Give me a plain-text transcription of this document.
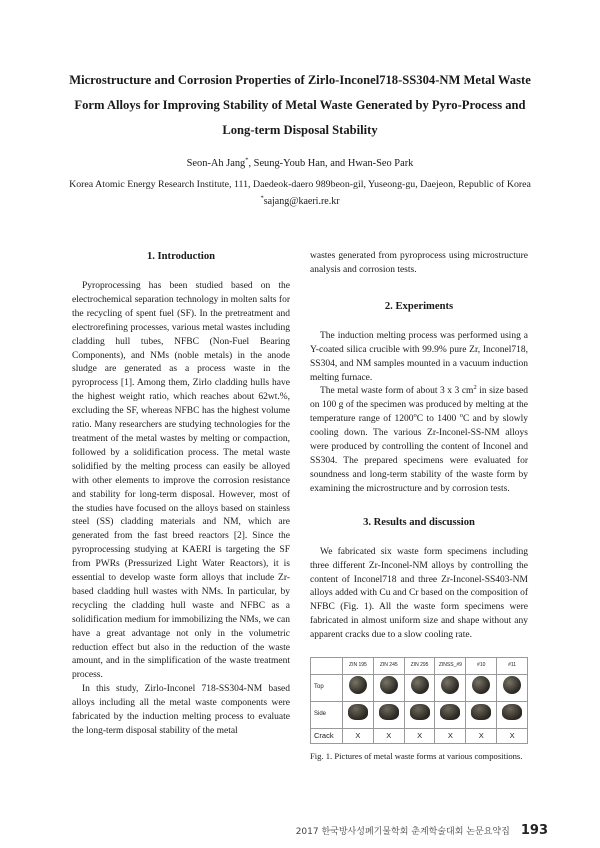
Microstructure and Corrosion Properties of Zirlo-Inconel718-SS304-NM Metal Waste Form Alloys for Improving Stability of Metal Waste Generated by Pyro-Process and Long-term Disposal Stability
Seon-Ah Jang*, Seung-Youb Han, and Hwan-Seo Park
Korea Atomic Energy Research Institute, 111, Daedeok-daero 989beon-gil, Yuseong-gu, Daejeon, Republic of Korea
*sajang@kaeri.re.kr
1. Introduction

Pyroprocessing has been studied based on the electrochemical separation technology in molten salts for the recycling of spent fuel (SF). In the pretreatment and electrorefining processes, various metal wastes including cladding hull tubes, NFBC (Non-Fuel Bearing Components), and NMs (noble metals) in the anode sludge are generated as a process waste in the pyroprocess [1]. Among them, Zirlo cladding hulls have the highest weight ratio, which reaches about 62wt.%, excluding the SF, whereas NFBC has the highest volume ratio. Many researchers are studying technologies for the treatment of the metal wastes by melting or compaction, followed by a solidification process. The metal waste solidified by the melting process can easily be alloyed with other elements to improve the corrosion resistance and stability for long-term disposal. However, most of the studies have focused on the alloys based on stainless steel (SS) cladding materials and NM, which are generated from the fast breed reactors [2]. Since the pyroprocessing studying at KAERI is targeting the SF from PWRs (Pressurized Light Water Reactors), it is essential to develop waste form alloys that include Zr-based cladding hull wastes with NMs. In particular, by recycling the cladding hull waste and NFBC as a solidification medium for immobilizing the NMs, we can have a great advantage not only in the volumetric reduction effect but also in the reduction of the waste amount, and in the simplification of the waste treatment process.

In this study, Zirlo-Inconel 718-SS304-NM based alloys including all the metal waste components were fabricated by the induction melting process to evaluate the long-term disposal stability of the metal

wastes generated from pyroprocess using microstructure analysis and corrosion tests.

2. Experiments

The induction melting process was performed using a Y-coated silica crucible with 99.9% pure Zr, Inconel718, SS304, and NM samples mounted in a vacuum induction melting furnace.

The metal waste form of about 3 x 3 $cm^2$ in size based on 100 g of the specimen was produced by melting at the temperature range of 1200$^o$C to 1400 $^o$C and by slowly cooling down. The various Zr-Inconel-SS-NM alloys were produced by controlling the content of Inconel and SS304. The prepared specimens were evaluated for soundness and long-term stability of the waste form by examining the microstructure and by corrosion tests.

3. Results and discussion

We fabricated six waste form specimens including three different Zr-Inconel-NM alloys by controlling the content of Inconel718 and three Zr-Inconel-SS403-NM alloys added with Cu and Cr based on the composition of NFBC (Fig. 1). All the waste form specimens were fabricated in almost uniform size and shape without any apparent cracks due to a slow cooling rate.

	ZIN 195	ZIN 245	ZIN 295	ZINSS_#9	#10	#11
Top						
Side						
Crack	X	X	X	X	X	X
Fig. 1. Pictures of metal waste forms at various compositions.
2017 한국방사성폐기물학회 춘계학술대회 논문요약집 193
